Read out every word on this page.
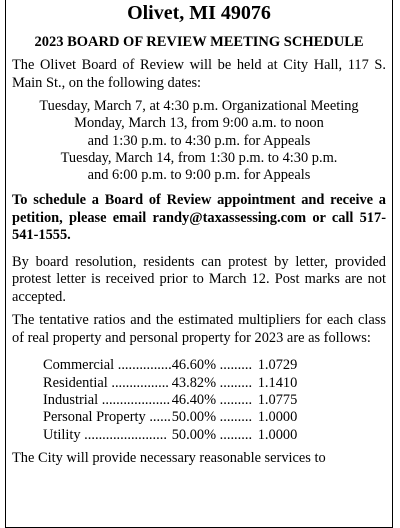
Olivet, MI 49076
2023 BOARD OF REVIEW MEETING SCHEDULE

The Olivet Board of Review will be held at City Hall, 117 S. Main St., on the following dates:

Tuesday, March 7, at 4:30 p.m. Organizational Meeting
Monday, March 13, from 9:00 a.m. to noon
and 1:30 p.m. to 4:30 p.m. for Appeals
Tuesday, March 14, from 1:30 p.m. to 4:30 p.m.
and 6:00 p.m. to 9:00 p.m. for Appeals

To schedule a Board of Review appointment and receive a petition, please email randy@taxassessing.com or call 517-541-1555.

By board resolution, residents can protest by letter, provided protest letter is received prior to March 12. Post marks are not accepted.

The tentative ratios and the estimated multipliers for each class of real property and personal property for 2023 are as follows:

Commercial ...............	46.60% .........	1.0729
Residential ................	43.82% .........	1.1410
Industrial ...................	46.40% .........	1.0775
Personal Property ......	50.00% .........	1.0000
Utility .......................	50.00% .........	1.0000

The City will provide necessary reasonable services to
